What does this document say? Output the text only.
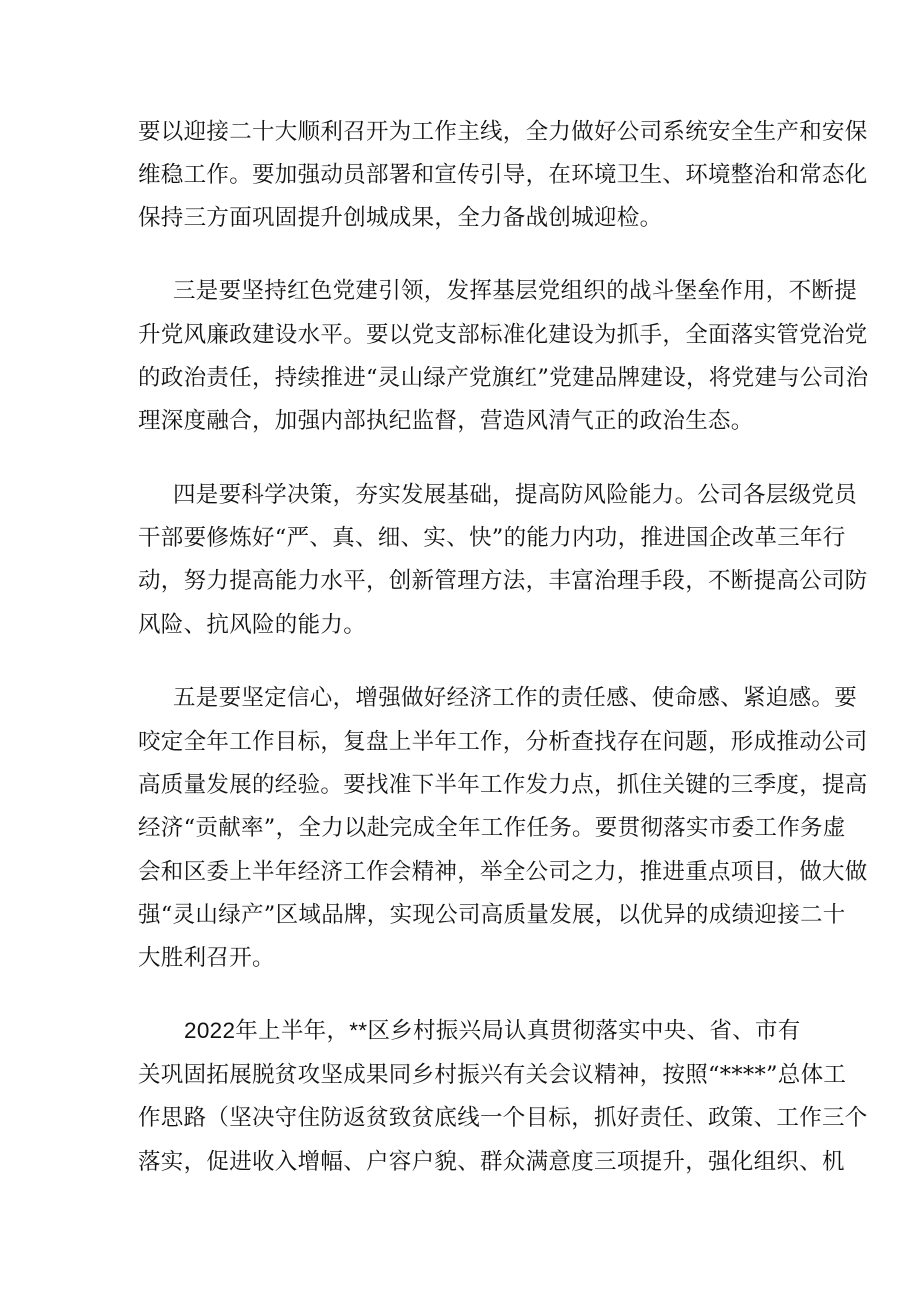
要以迎接二十大顺利召开为工作主线，全力做好公司系统安全生产和安保
维稳工作。要加强动员部署和宣传引导，在环境卫生、环境整治和常态化
保持三方面巩固提升创城成果，全力备战创城迎检。
三是要坚持红色党建引领，发挥基层党组织的战斗堡垒作用，不断提
升党风廉政建设水平。要以党支部标准化建设为抓手，全面落实管党治党
的政治责任，持续推进“灵山绿产党旗红”党建品牌建设，将党建与公司治
理深度融合，加强内部执纪监督，营造风清气正的政治生态。
四是要科学决策，夯实发展基础，提高防风险能力。公司各层级党员
干部要修炼好“严、真、细、实、快”的能力内功，推进国企改革三年行
动，努力提高能力水平，创新管理方法，丰富治理手段，不断提高公司防
风险、抗风险的能力。
五是要坚定信心，增强做好经济工作的责任感、使命感、紧迫感。要
咬定全年工作目标，复盘上半年工作，分析查找存在问题，形成推动公司
高质量发展的经验。要找准下半年工作发力点，抓住关键的三季度，提高
经济“贡献率”，全力以赴完成全年工作任务。要贯彻落实市委工作务虚
会和区委上半年经济工作会精神，举全公司之力，推进重点项目，做大做
强“灵山绿产”区域品牌，实现公司高质量发展，以优异的成绩迎接二十
大胜利召开。
2022年上半年，**区乡村振兴局认真贯彻落实中央、省、市有
关巩固拓展脱贫攻坚成果同乡村振兴有关会议精神，按照“****”总体工
作思路（坚决守住防返贫致贫底线一个目标，抓好责任、政策、工作三个
落实，促进收入增幅、户容户貌、群众满意度三项提升，强化组织、机
